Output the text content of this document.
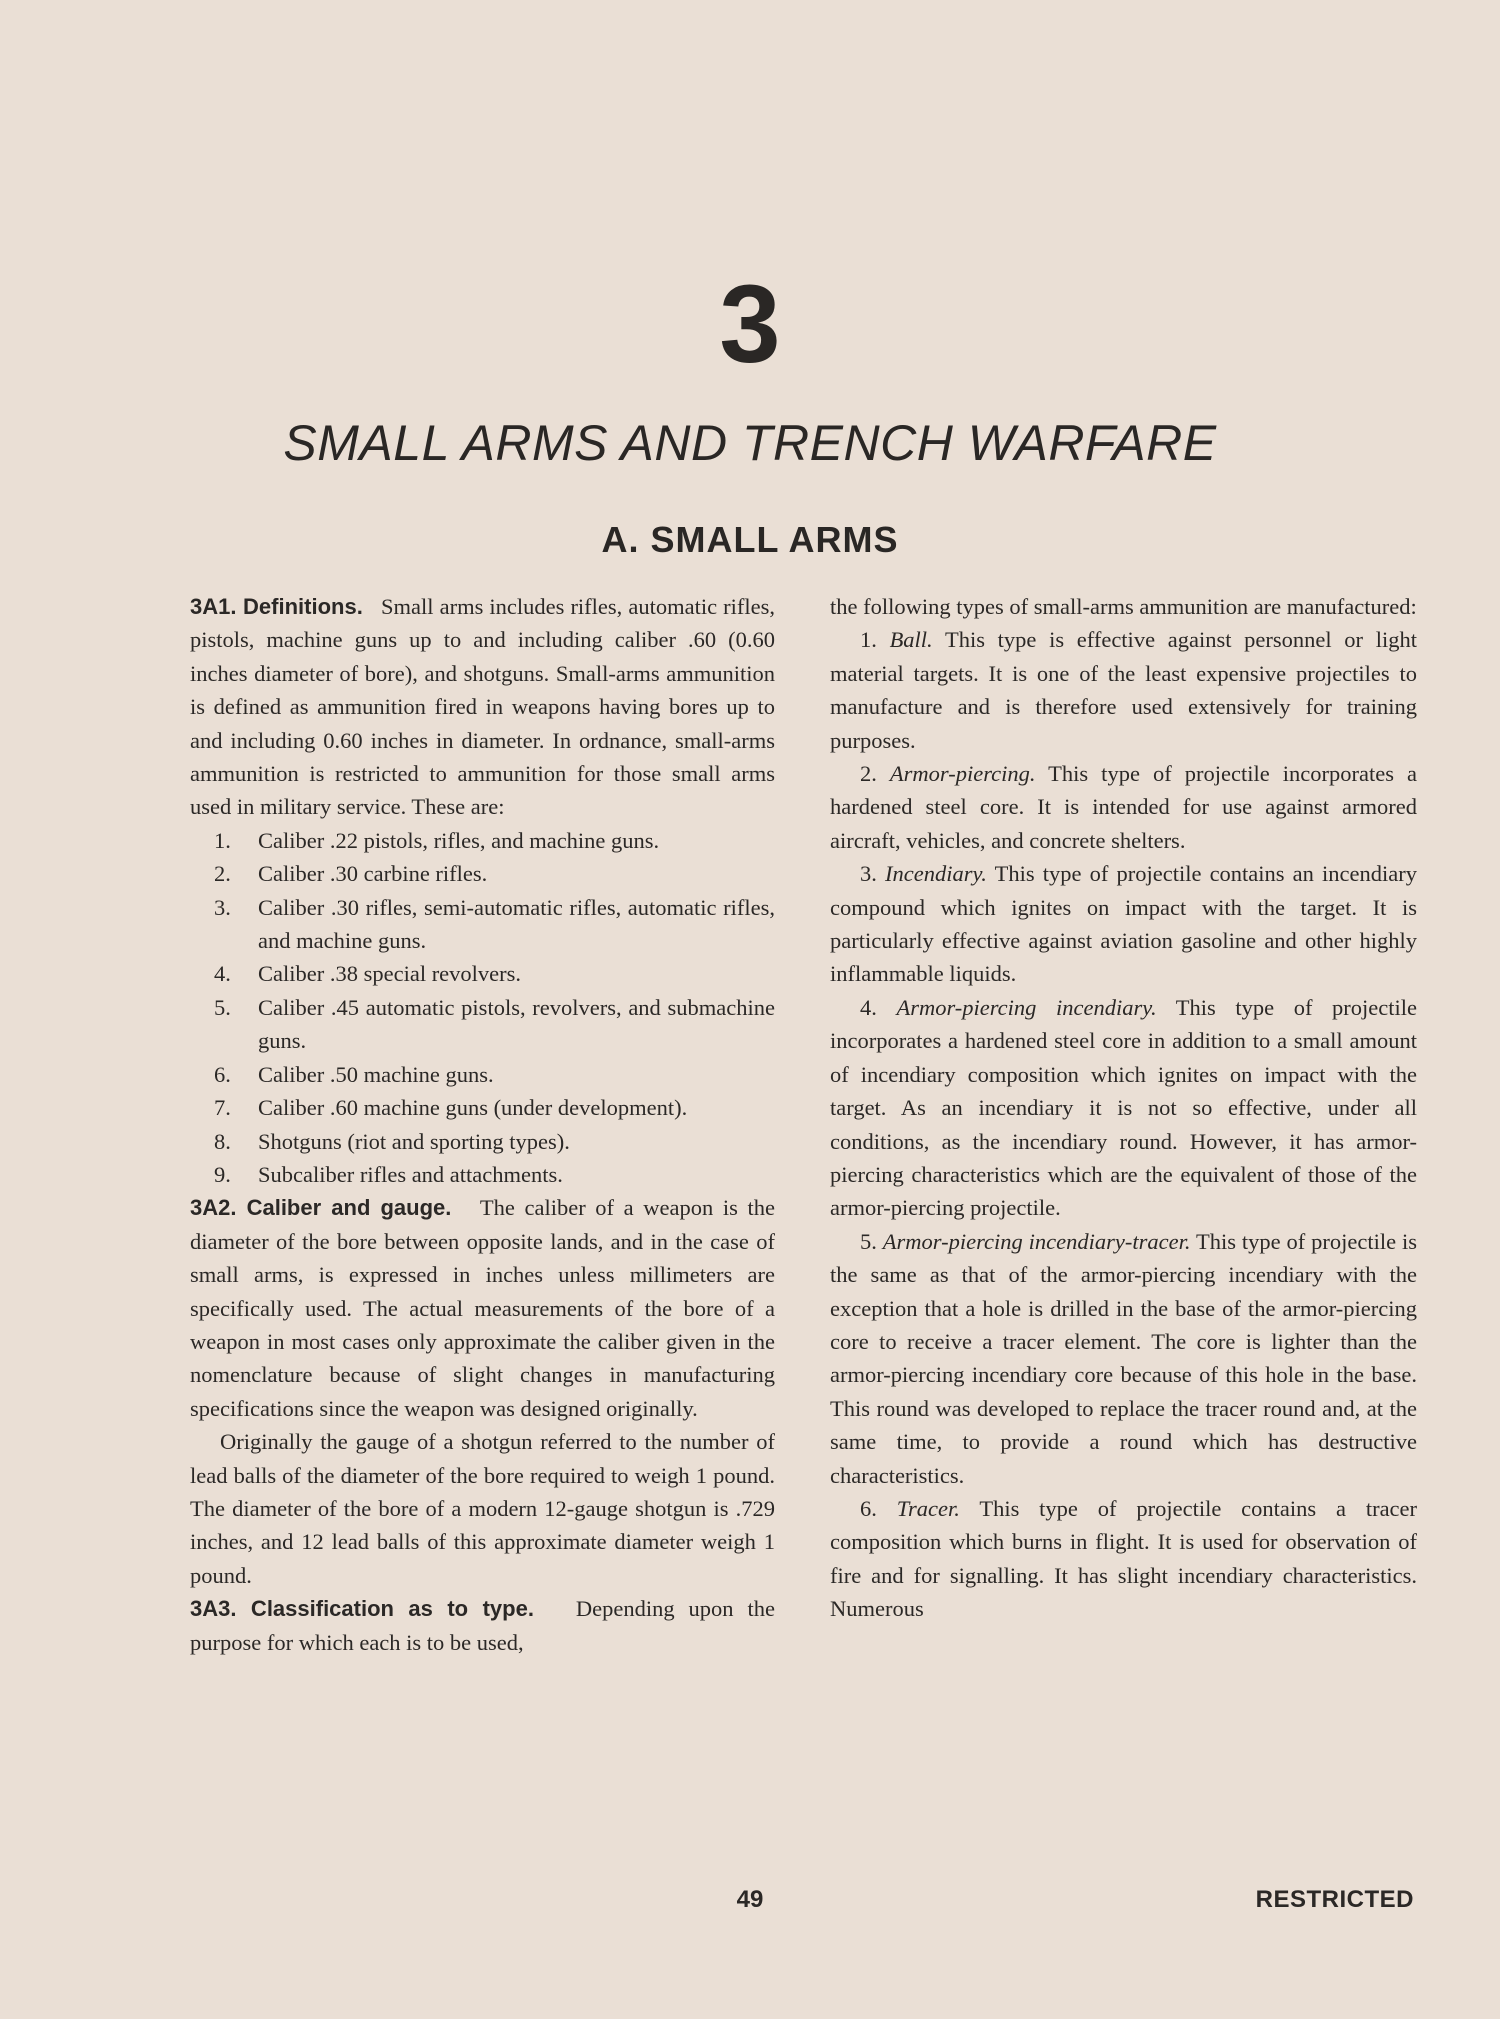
3
SMALL ARMS AND TRENCH WARFARE
A. SMALL ARMS

3A1. Definitions. Small arms includes rifles, automatic rifles, pistols, machine guns up to and including caliber .60 (0.60 inches diameter of bore), and shotguns. Small-arms ammunition is defined as ammunition fired in weapons having bores up to and including 0.60 inches in diameter. In ordnance, small-arms ammunition is restricted to ammunition for those small arms used in military service. These are:

1. Caliber .22 pistols, rifles, and machine guns.
2. Caliber .30 carbine rifles.
3. Caliber .30 rifles, semi-automatic rifles, automatic rifles, and machine guns.
4. Caliber .38 special revolvers.
5. Caliber .45 automatic pistols, revolvers, and submachine guns.
6. Caliber .50 machine guns.
7. Caliber .60 machine guns (under development).
8. Shotguns (riot and sporting types).
9. Subcaliber rifles and attachments.

3A2. Caliber and gauge. The caliber of a weapon is the diameter of the bore between opposite lands, and in the case of small arms, is expressed in inches unless millimeters are specifically used. The actual measurements of the bore of a weapon in most cases only approximate the caliber given in the nomenclature because of slight changes in manufacturing specifications since the weapon was designed originally.

Originally the gauge of a shotgun referred to the number of lead balls of the diameter of the bore required to weigh 1 pound. The diameter of the bore of a modern 12-gauge shotgun is .729 inches, and 12 lead balls of this approximate diameter weigh 1 pound.

3A3. Classification as to type. Depending upon the purpose for which each is to be used,

the following types of small-arms ammunition are manufactured:

1. Ball. This type is effective against personnel or light material targets. It is one of the least expensive projectiles to manufacture and is therefore used extensively for training purposes.

2. Armor-piercing. This type of projectile incorporates a hardened steel core. It is intended for use against armored aircraft, vehicles, and concrete shelters.

3. Incendiary. This type of projectile contains an incendiary compound which ignites on impact with the target. It is particularly effective against aviation gasoline and other highly inflammable liquids.

4. Armor-piercing incendiary. This type of projectile incorporates a hardened steel core in addition to a small amount of incendiary composition which ignites on impact with the target. As an incendiary it is not so effective, under all conditions, as the incendiary round. However, it has armor-piercing characteristics which are the equivalent of those of the armor-piercing projectile.

5. Armor-piercing incendiary-tracer. This type of projectile is the same as that of the armor-piercing incendiary with the exception that a hole is drilled in the base of the armor-piercing core to receive a tracer element. The core is lighter than the armor-piercing incendiary core because of this hole in the base. This round was developed to replace the tracer round and, at the same time, to provide a round which has destructive characteristics.

6. Tracer. This type of projectile contains a tracer composition which burns in flight. It is used for observation of fire and for signalling. It has slight incendiary characteristics. Numerous

49	RESTRICTED
